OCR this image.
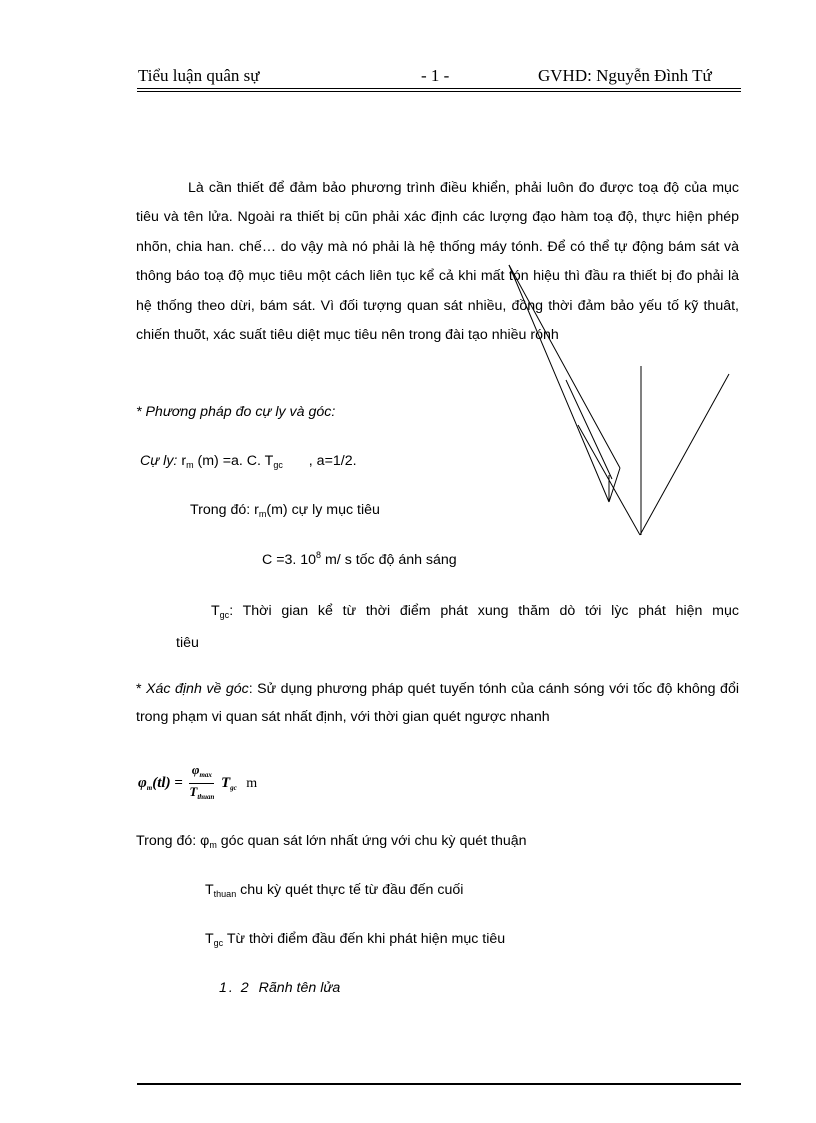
Tiểu luận quân sự	- 1 -	GVHD: Nguyễn Đình Tứ

Là cần thiết để đảm bảo phương trình điều khiển, phải luôn đo được toạ độ của mục tiêu và tên lửa. Ngoài ra thiết bị cũn phải xác định các lượng đạo hàm toạ độ, thực hiện phép nhõn, chia han. chế… do vậy mà nó phải là hệ thống máy tónh. Để có thể tự động bám sát và thông báo toạ độ mục tiêu một cách liên tục kể cả khi mất tón hiệu thì đầu ra thiết bị đo phải là hệ thống theo dừi, bám sát. Vì đối tượng quan sát nhiều, đồng thời đảm bảo yếu tố kỹ thuât, chiến thuõt, xác suất tiêu diệt mục tiêu nên trong đài tạo nhiều rónh

* Phương pháp đo cự ly và góc:
Cự ly: $r_m$ (m) =a. C. $T_{gc}$ , a=1/2.
Trong đó: $r_m(m)$ cự ly mục tiêu
C =3. $10^8$ m/ s tốc độ ánh sáng

$T_{gc}$: Thời gian kể từ thời điểm phát xung thăm dò tới lỳc phát hiện mục

tiêu

* Xác định về góc: Sử dụng phương pháp quét tuyến tónh của cánh sóng với tốc độ không đổi trong phạm vi quan sát nhất định, với thời gian quét ngược nhanh

$\varphi_m(tl) = \frac{\varphi_{max}}{T_{thuan}} T_{gc}$ m
Trong đó: $\varphi_m$ góc quan sát lớn nhất ứng với chu kỳ quét thuận
$T_{thuan}$ chu kỳ quét thực tế từ đầu đến cuối
$T_{gc}$ Từ thời điểm đầu đến khi phát hiện mục tiêu
1. 2 Rãnh tên lửa
